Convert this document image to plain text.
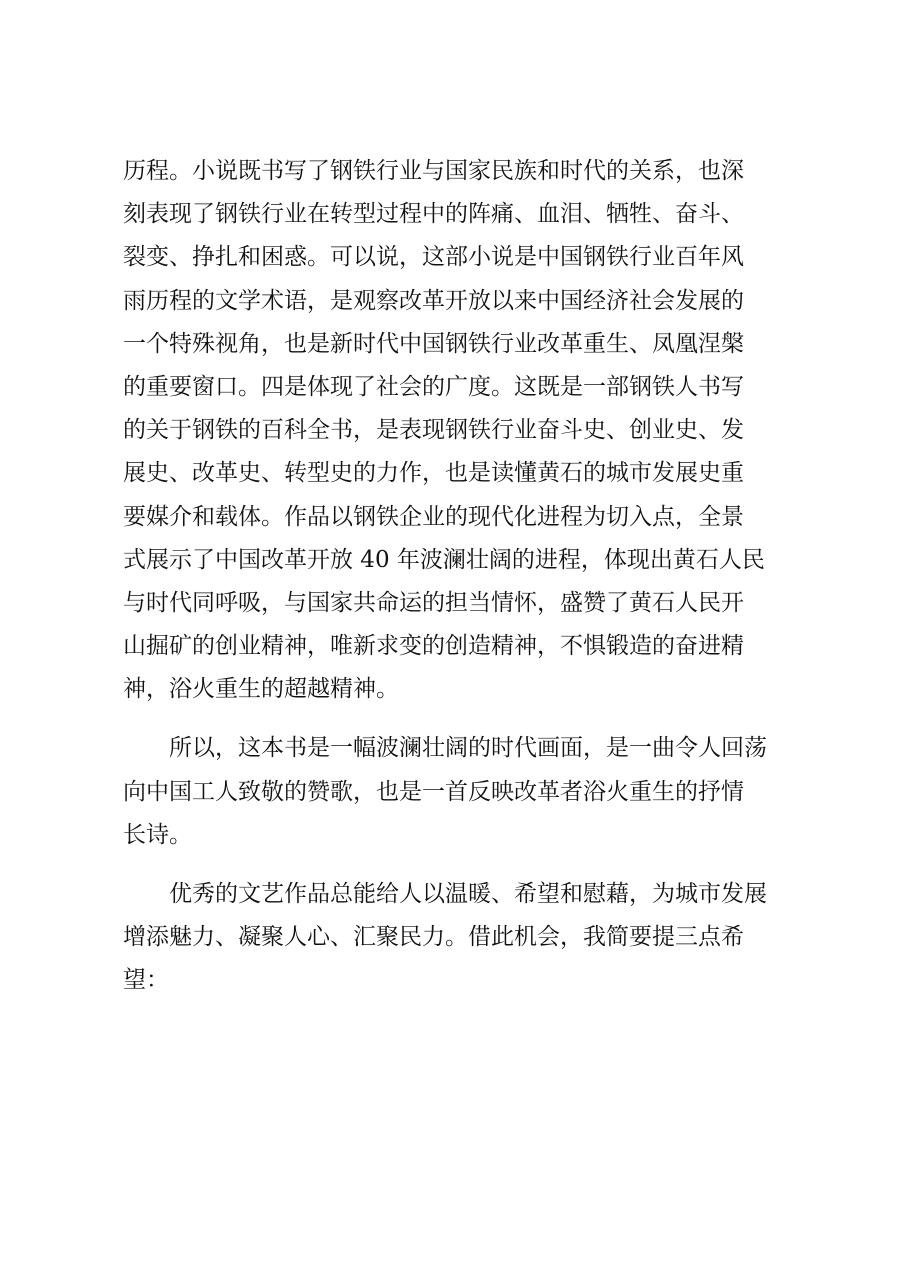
历程。小说既书写了钢铁行业与国家民族和时代的关系，也深
刻表现了钢铁行业在转型过程中的阵痛、血泪、牺牲、奋斗、
裂变、挣扎和困惑。可以说，这部小说是中国钢铁行业百年风
雨历程的文学术语，是观察改革开放以来中国经济社会发展的
一个特殊视角，也是新时代中国钢铁行业改革重生、凤凰涅槃
的重要窗口。四是体现了社会的广度。这既是一部钢铁人书写
的关于钢铁的百科全书，是表现钢铁行业奋斗史、创业史、发
展史、改革史、转型史的力作，也是读懂黄石的城市发展史重
要媒介和载体。作品以钢铁企业的现代化进程为切入点，全景
式展示了中国改革开放 40 年波澜壮阔的进程，体现出黄石人民
与时代同呼吸，与国家共命运的担当情怀，盛赞了黄石人民开
山掘矿的创业精神，唯新求变的创造精神，不惧锻造的奋进精
神，浴火重生的超越精神。
　　所以，这本书是一幅波澜壮阔的时代画面，是一曲令人回荡
向中国工人致敬的赞歌，也是一首反映改革者浴火重生的抒情
长诗。
　　优秀的文艺作品总能给人以温暖、希望和慰藉，为城市发展
增添魅力、凝聚人心、汇聚民力。借此机会，我简要提三点希
望：
